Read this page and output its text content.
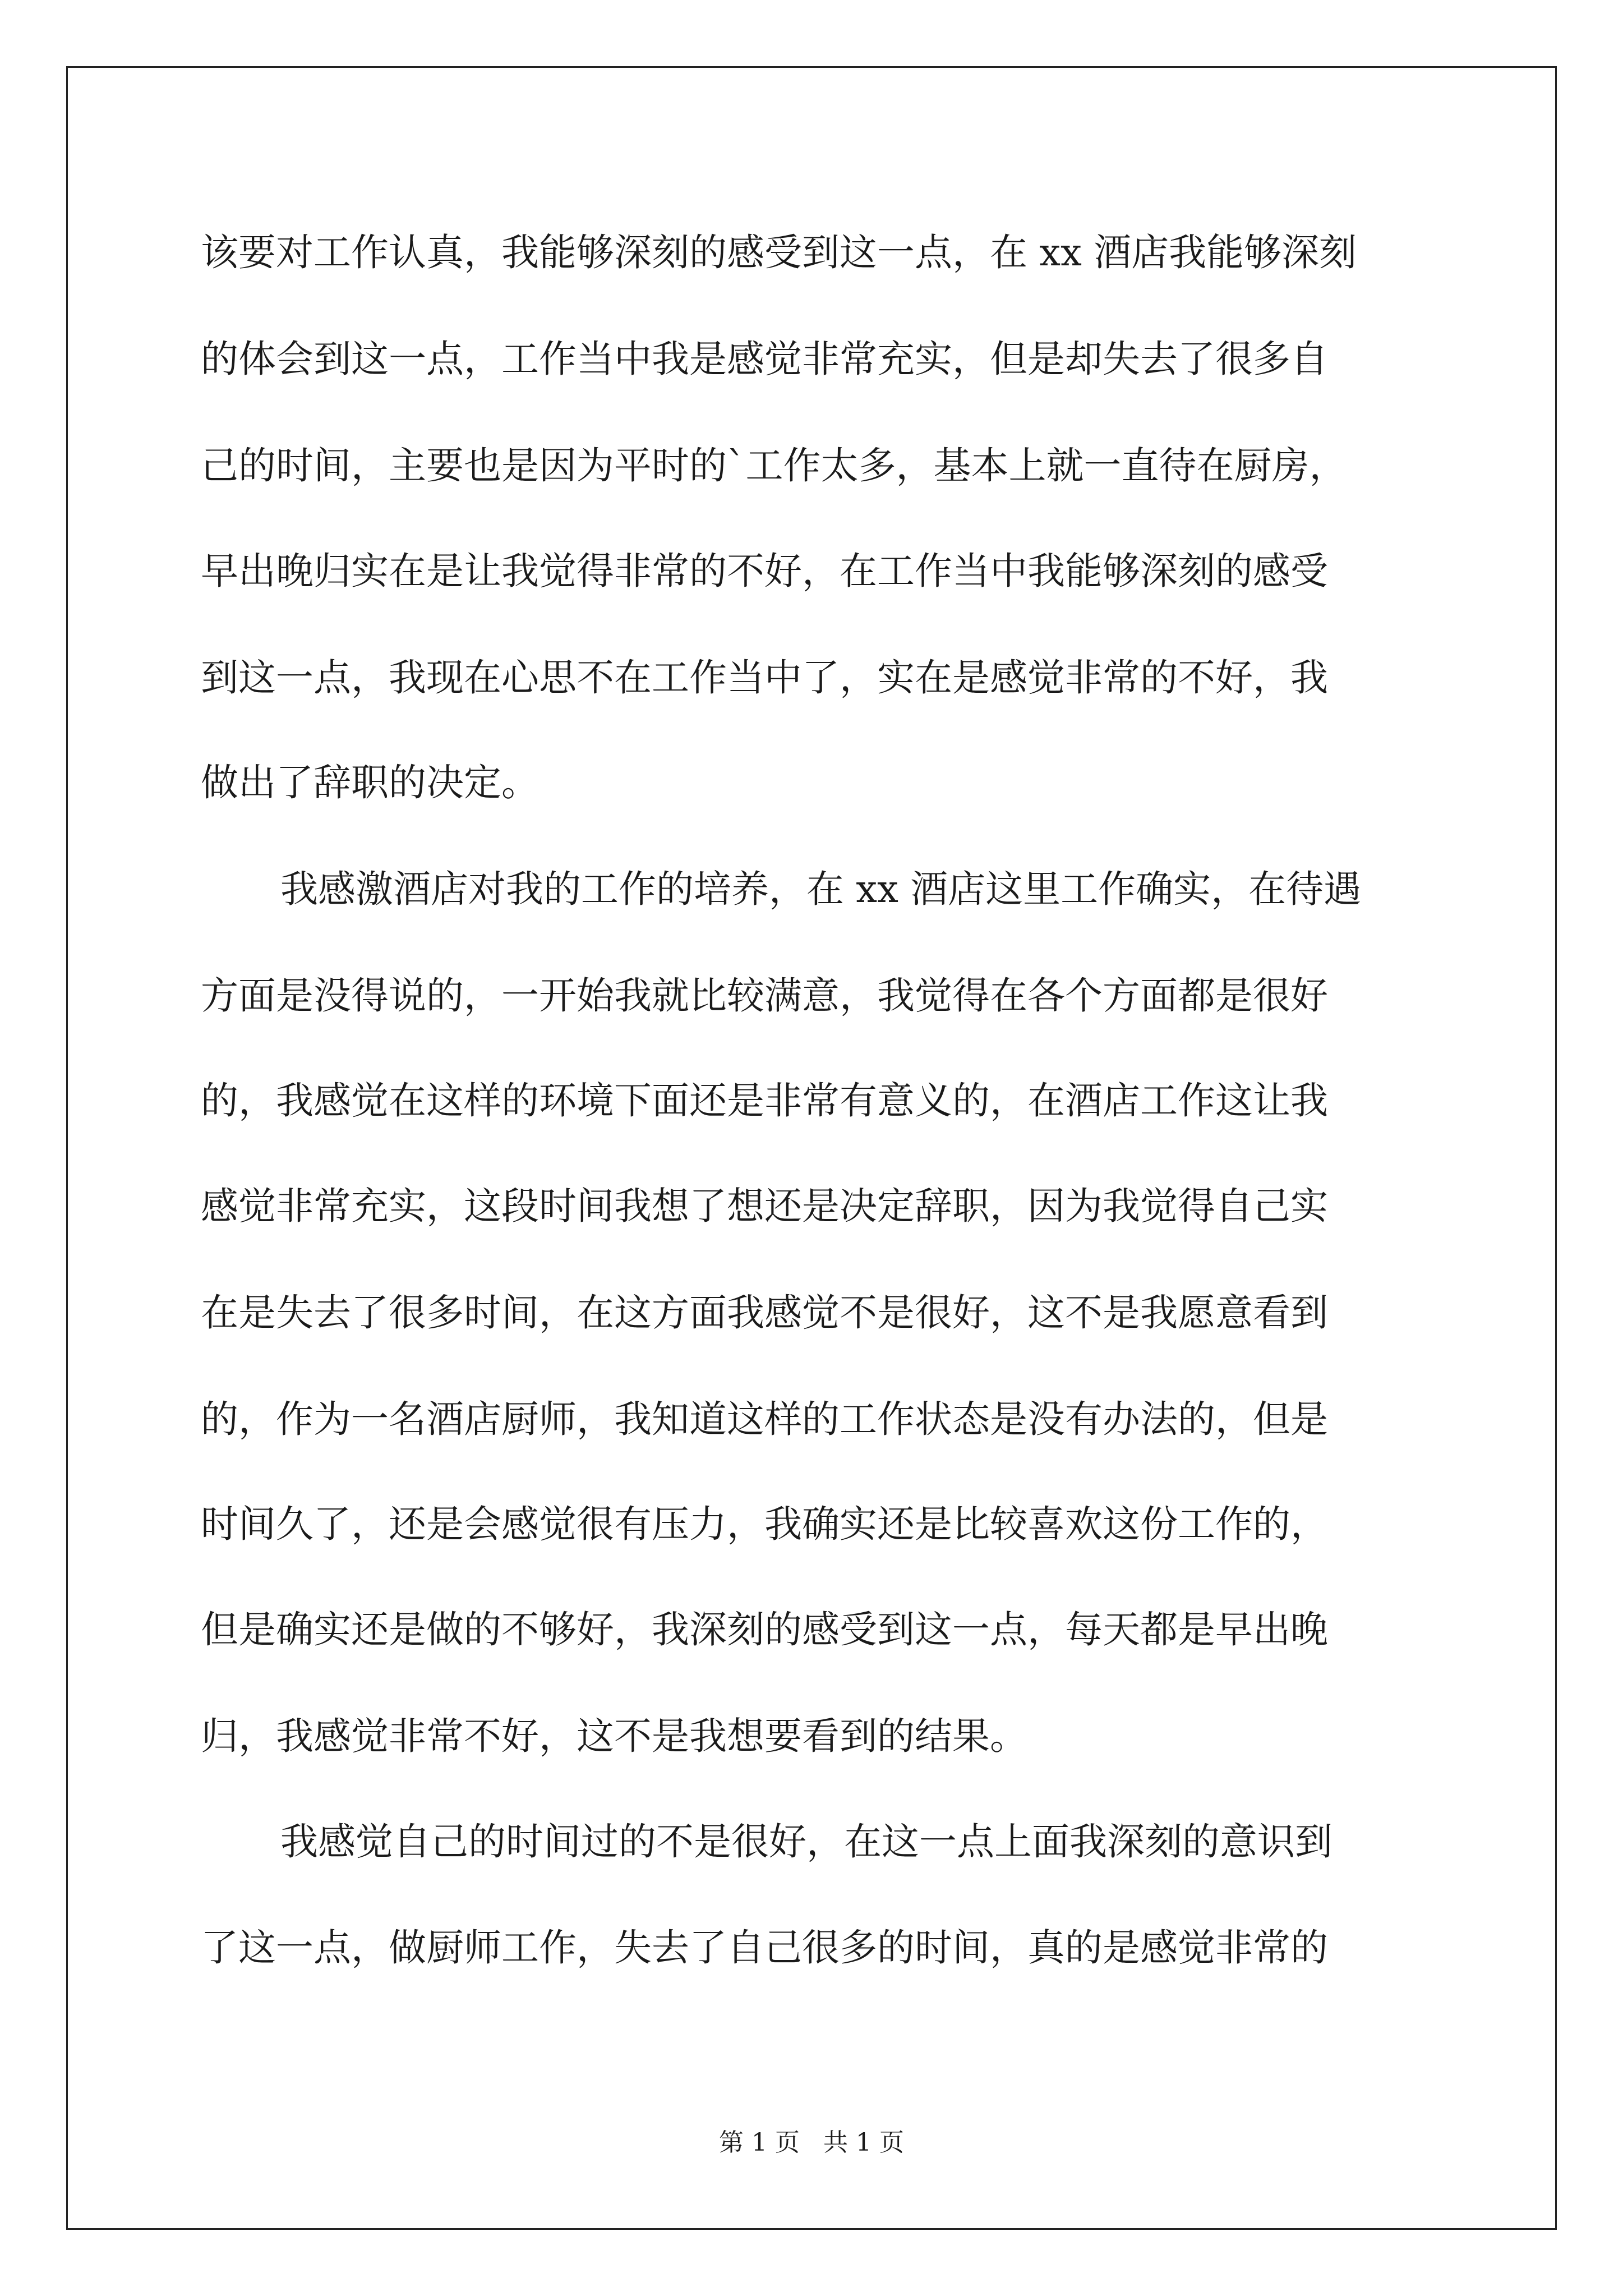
该要对工作认真，我能够深刻的感受到这一点，在 xx 酒店我能够深刻
的体会到这一点，工作当中我是感觉非常充实，但是却失去了很多自
己的时间，主要也是因为平时的`工作太多，基本上就一直待在厨房，
早出晚归实在是让我觉得非常的不好，在工作当中我能够深刻的感受
到这一点，我现在心思不在工作当中了，实在是感觉非常的不好，我
做出了辞职的决定。
我感激酒店对我的工作的培养，在 xx 酒店这里工作确实，在待遇
方面是没得说的，一开始我就比较满意，我觉得在各个方面都是很好
的，我感觉在这样的环境下面还是非常有意义的，在酒店工作这让我
感觉非常充实，这段时间我想了想还是决定辞职，因为我觉得自己实
在是失去了很多时间，在这方面我感觉不是很好，这不是我愿意看到
的，作为一名酒店厨师，我知道这样的工作状态是没有办法的，但是
时间久了，还是会感觉很有压力，我确实还是比较喜欢这份工作的，
但是确实还是做的不够好，我深刻的感受到这一点，每天都是早出晚
归，我感觉非常不好，这不是我想要看到的结果。
我感觉自己的时间过的不是很好，在这一点上面我深刻的意识到
了这一点，做厨师工作，失去了自己很多的时间，真的是感觉非常的
第 1 页   共 1 页
